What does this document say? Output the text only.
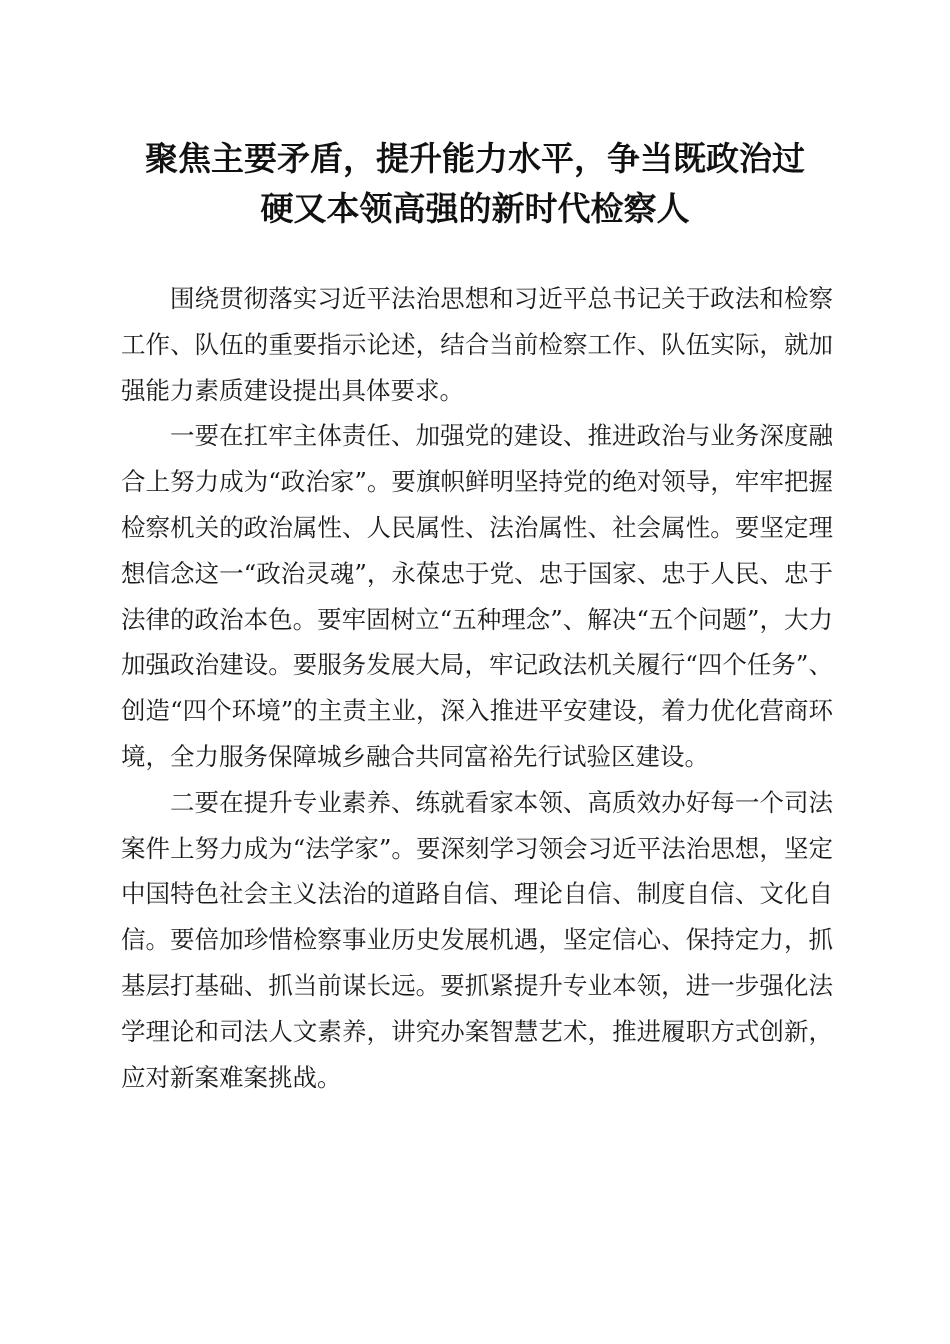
聚焦主要矛盾，提升能力水平，争当既政治过
硬又本领高强的新时代检察人

围绕贯彻落实习近平法治思想和习近平总书记关于政法和检察工作、队伍的重要指示论述，结合当前检察工作、队伍实际，就加强能力素质建设提出具体要求。

一要在扛牢主体责任、加强党的建设、推进政治与业务深度融合上努力成为“政治家”。要旗帜鲜明坚持党的绝对领导，牢牢把握检察机关的政治属性、人民属性、法治属性、社会属性。要坚定理想信念这一“政治灵魂”，永葆忠于党、忠于国家、忠于人民、忠于法律的政治本色。要牢固树立“五种理念”、解决“五个问题”，大力加强政治建设。要服务发展大局，牢记政法机关履行“四个任务”、创造“四个环境”的主责主业，深入推进平安建设，着力优化营商环境，全力服务保障城乡融合共同富裕先行试验区建设。

二要在提升专业素养、练就看家本领、高质效办好每一个司法案件上努力成为“法学家”。要深刻学习领会习近平法治思想，坚定中国特色社会主义法治的道路自信、理论自信、制度自信、文化自信。要倍加珍惜检察事业历史发展机遇，坚定信心、保持定力，抓基层打基础、抓当前谋长远。要抓紧提升专业本领，进一步强化法学理论和司法人文素养，讲究办案智慧艺术，推进履职方式创新，应对新案难案挑战。
